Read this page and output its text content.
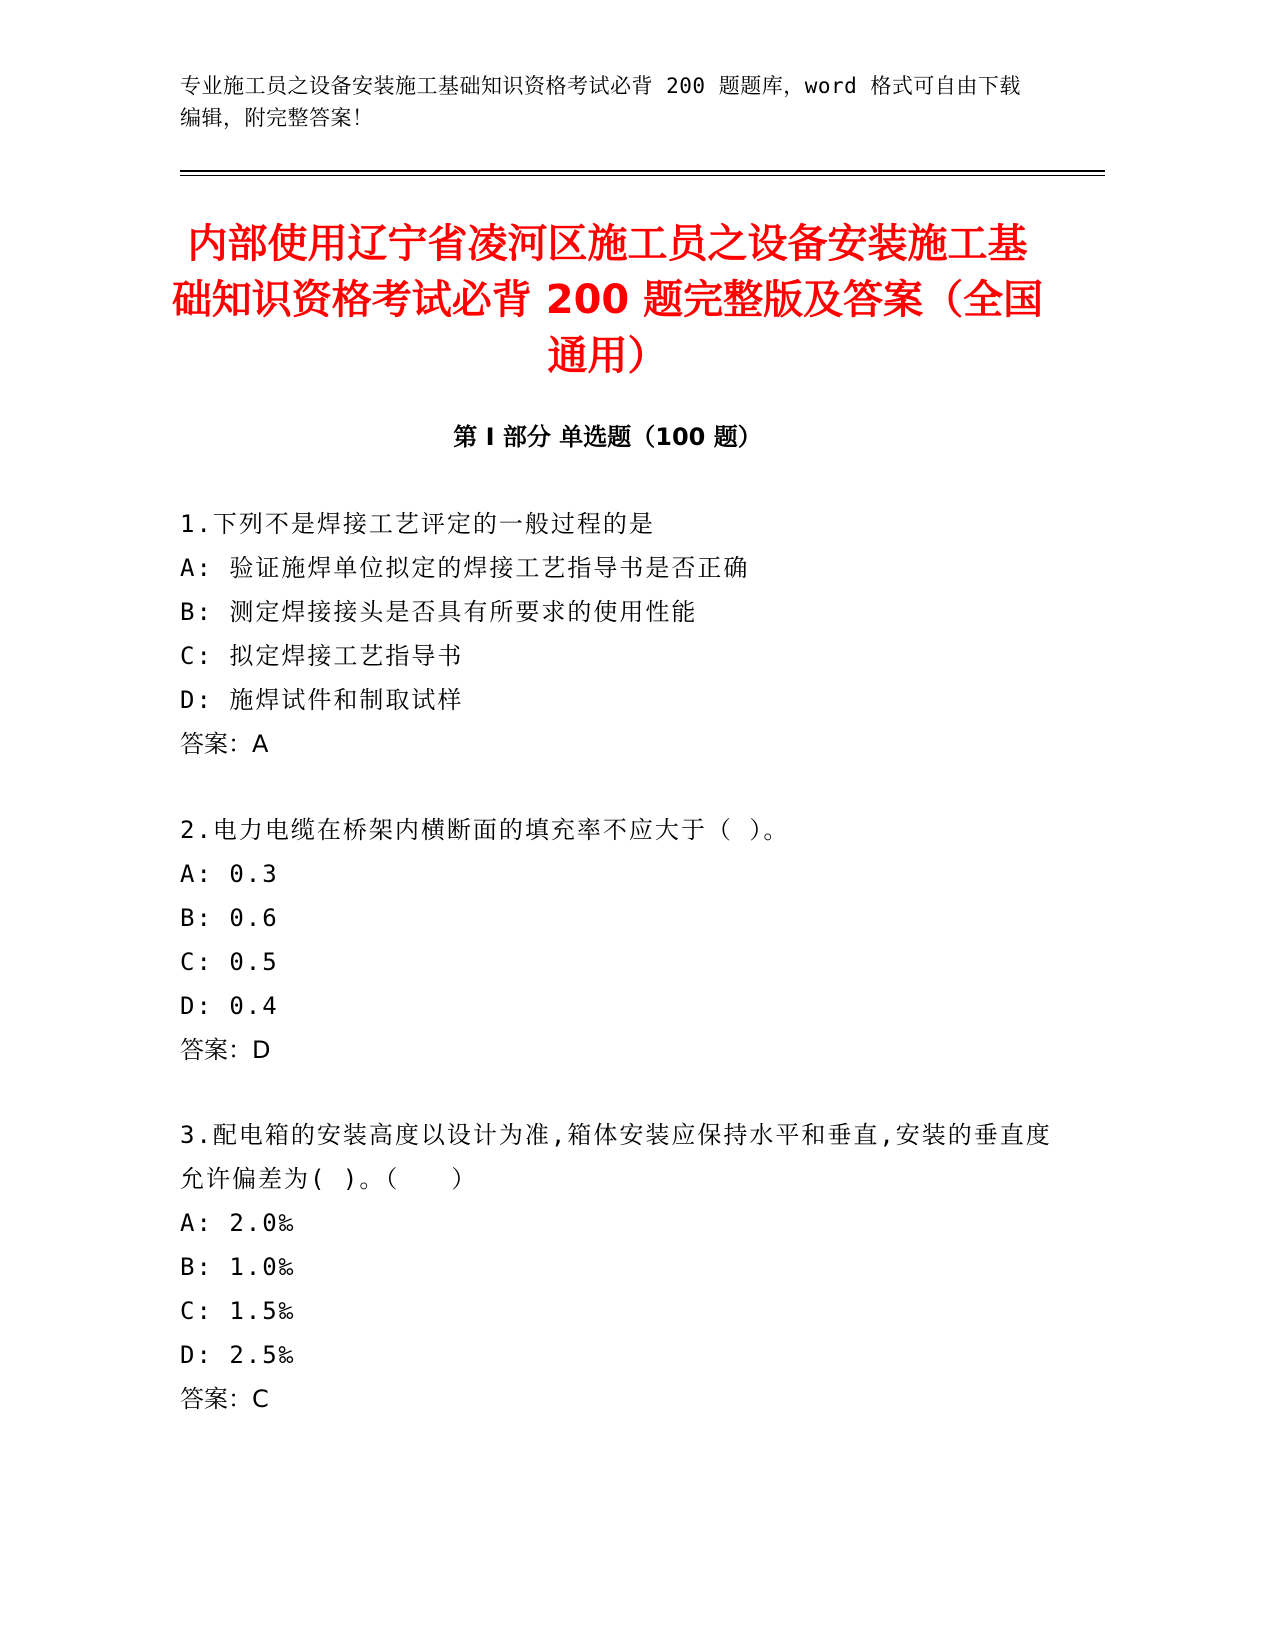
专业施工员之设备安装施工基础知识资格考试必背 200 题题库，word 格式可自由下载编辑，附完整答案！

内部使用辽宁省凌河区施工员之设备安装施工基础知识资格考试必背 200 题完整版及答案（全国通用）
第 I 部分 单选题（100 题）
1.下列不是焊接工艺评定的一般过程的是
A : 验证施焊单位拟定的焊接工艺指导书是否正确
B : 测定焊接接头是否具有所要求的使用性能
C : 拟定焊接工艺指导书
D : 施焊试件和制取试样
答案 ： A
2.电力电缆在桥架内横断面的填充率不应大于（ ）。
A : 0.3
B : 0.6
C : 0.5
D : 0.4
答案 ： D
3.配电箱的安装高度以设计为准,箱体安装应保持水平和垂直,安装的垂直度允许偏差为( )。（　　）
A : 2.0‰
B : 1.0‰
C : 1.5‰
D : 2.5‰
答案 ： C
